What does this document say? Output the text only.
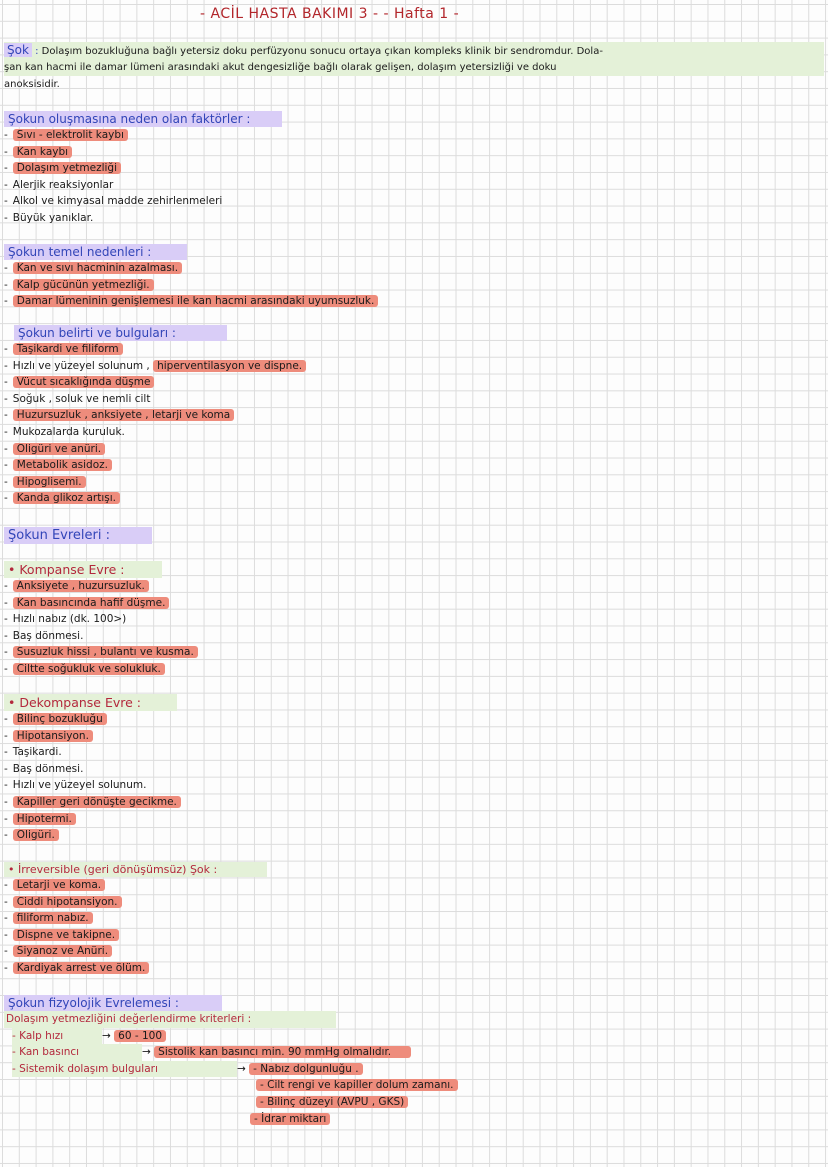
- ACİL HASTA BAKIMI 3 - - Hafta 1 -
Şok : Dolaşım bozukluğuna bağlı yetersiz doku perfüzyonu sonucu ortaya çıkan kompleks klinik bir sendromdur. Dola-
şan kan hacmi ile damar lümeni arasındaki akut dengesizliğe bağlı olarak gelişen, dolaşım yetersizliği ve doku
anoksisidir.
Şokun oluşmasına neden olan faktörler :
- Sıvı - elektrolit kaybı
- Kan kaybı
- Dolaşım yetmezliği
- Alerjik reaksiyonlar
- Alkol ve kimyasal madde zehirlenmeleri
- Büyük yanıklar.
Şokun temel nedenleri :
- Kan ve sıvı hacminin azalması.
- Kalp gücünün yetmezliği.
- Damar lümeninin genişlemesi ile kan hacmi arasındaki uyumsuzluk.
Şokun belirti ve bulguları :
- Taşikardi ve filiform
- Hızlı ve yüzeyel solunum , hiperventilasyon ve dispne.
- Vücut sıcaklığında düşme
- Soğuk , soluk ve nemli cilt
- Huzursuzluk , anksiyete , letarji ve koma
- Mukozalarda kuruluk.
- Oligüri ve anüri.
- Metabolik asidoz.
- Hipoglisemi.
- Kanda glikoz artışı.
Şokun Evreleri :
• Kompanse Evre :
- Anksiyete , huzursuzluk.
- Kan basıncında hafif düşme.
- Hızlı nabız (dk. 100>)
- Baş dönmesi.
- Susuzluk hissi , bulantı ve kusma.
- Ciltte soğukluk ve solukluk.
• Dekompanse Evre :
- Bilinç bozukluğu
- Hipotansiyon.
- Taşikardi.
- Baş dönmesi.
- Hızlı ve yüzeyel solunum.
- Kapiller geri dönüşte gecikme.
- Hipotermi.
- Oligüri.
• İrreversible (geri dönüşümsüz) Şok :
- Letarji ve koma.
- Ciddi hipotansiyon.
- filiform nabız.
- Dispne ve takipne.
- Siyanoz ve Anüri.
- Kardiyak arrest ve ölüm.
Şokun fizyolojik Evrelemesi :
Dolaşım yetmezliğini değerlendirme kriterleri :
- Kalp hızı	→ 60 - 100
- Kan basıncı	→ Sistolik kan basıncı min. 90 mmHg olmalıdır.
- Sistemik dolaşım bulguları	→ - Nabız dolgunluğu .
- Cilt rengi ve kapiller dolum zamanı.
- Bilinç düzeyi (AVPU , GKS)
- İdrar miktarı
